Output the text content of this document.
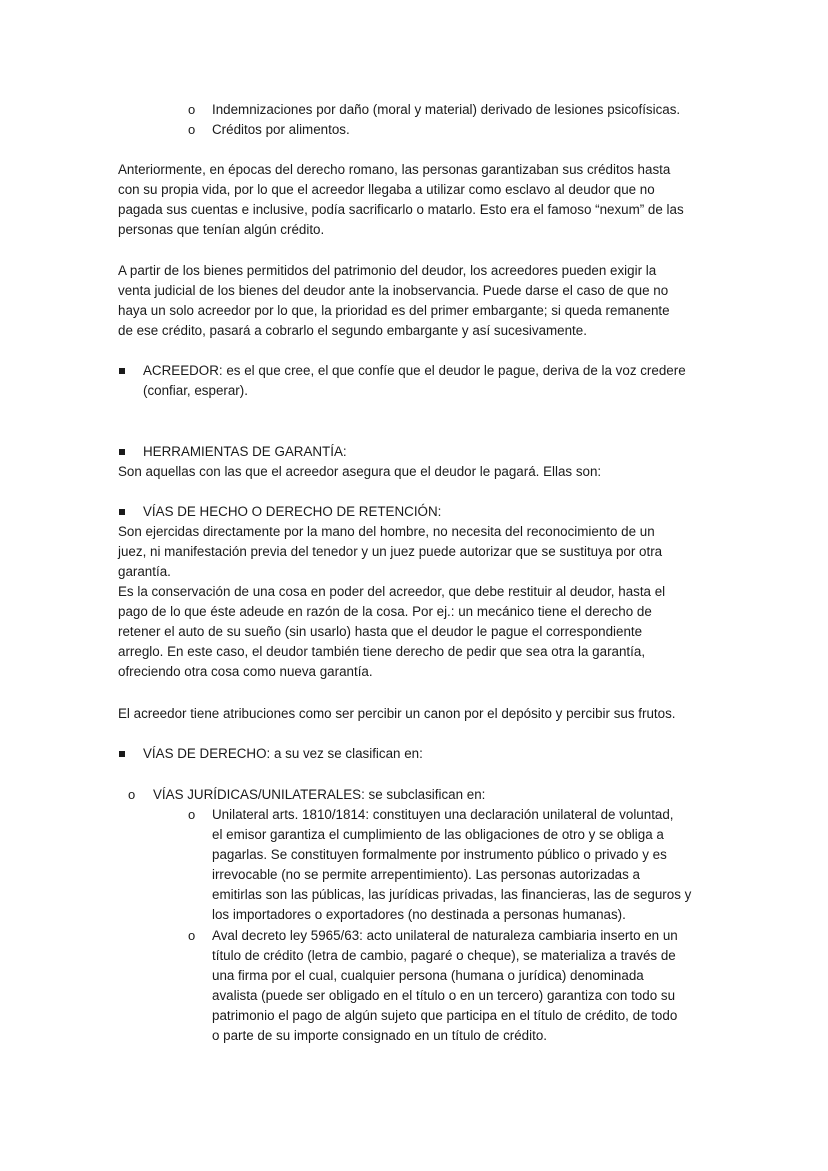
o	Indemnizaciones por daño (moral y material) derivado de lesiones psicofísicas.
o	Créditos por alimentos.
Anteriormente, en épocas del derecho romano, las personas garantizaban sus créditos hasta
con su propia vida, por lo que el acreedor llegaba a utilizar como esclavo al deudor que no
pagada sus cuentas e inclusive, podía sacrificarlo o matarlo. Esto era el famoso “nexum” de las
personas que tenían algún crédito.
A partir de los bienes permitidos del patrimonio del deudor, los acreedores pueden exigir la
venta judicial de los bienes del deudor ante la inobservancia. Puede darse el caso de que no
haya un solo acreedor por lo que, la prioridad es del primer embargante; si queda remanente
de ese crédito, pasará a cobrarlo el segundo embargante y así sucesivamente.
ACREEDOR: es el que cree, el que confíe que el deudor le pague, deriva de la voz credere
(confiar, esperar).
HERRAMIENTAS DE GARANTÍA:
Son aquellas con las que el acreedor asegura que el deudor le pagará. Ellas son:
VÍAS DE HECHO O DERECHO DE RETENCIÓN:
Son ejercidas directamente por la mano del hombre, no necesita del reconocimiento de un
juez, ni manifestación previa del tenedor y un juez puede autorizar que se sustituya por otra
garantía.
Es la conservación de una cosa en poder del acreedor, que debe restituir al deudor, hasta el
pago de lo que éste adeude en razón de la cosa. Por ej.: un mecánico tiene el derecho de
retener el auto de su sueño (sin usarlo) hasta que el deudor le pague el correspondiente
arreglo. En este caso, el deudor también tiene derecho de pedir que sea otra la garantía,
ofreciendo otra cosa como nueva garantía.
El acreedor tiene atribuciones como ser percibir un canon por el depósito y percibir sus frutos.
VÍAS DE DERECHO: a su vez se clasifican en:
o	VÍAS JURÍDICAS/UNILATERALES: se subclasifican en:
o	Unilateral arts. 1810/1814: constituyen una declaración unilateral de voluntad,
el emisor garantiza el cumplimiento de las obligaciones de otro y se obliga a
pagarlas. Se constituyen formalmente por instrumento público o privado y es
irrevocable (no se permite arrepentimiento). Las personas autorizadas a
emitirlas son las públicas, las jurídicas privadas, las financieras, las de seguros y
los importadores o exportadores (no destinada a personas humanas).
o	Aval decreto ley 5965/63: acto unilateral de naturaleza cambiaria inserto en un
título de crédito (letra de cambio, pagaré o cheque), se materializa a través de
una firma por el cual, cualquier persona (humana o jurídica) denominada
avalista (puede ser obligado en el título o en un tercero) garantiza con todo su
patrimonio el pago de algún sujeto que participa en el título de crédito, de todo
o parte de su importe consignado en un título de crédito.
